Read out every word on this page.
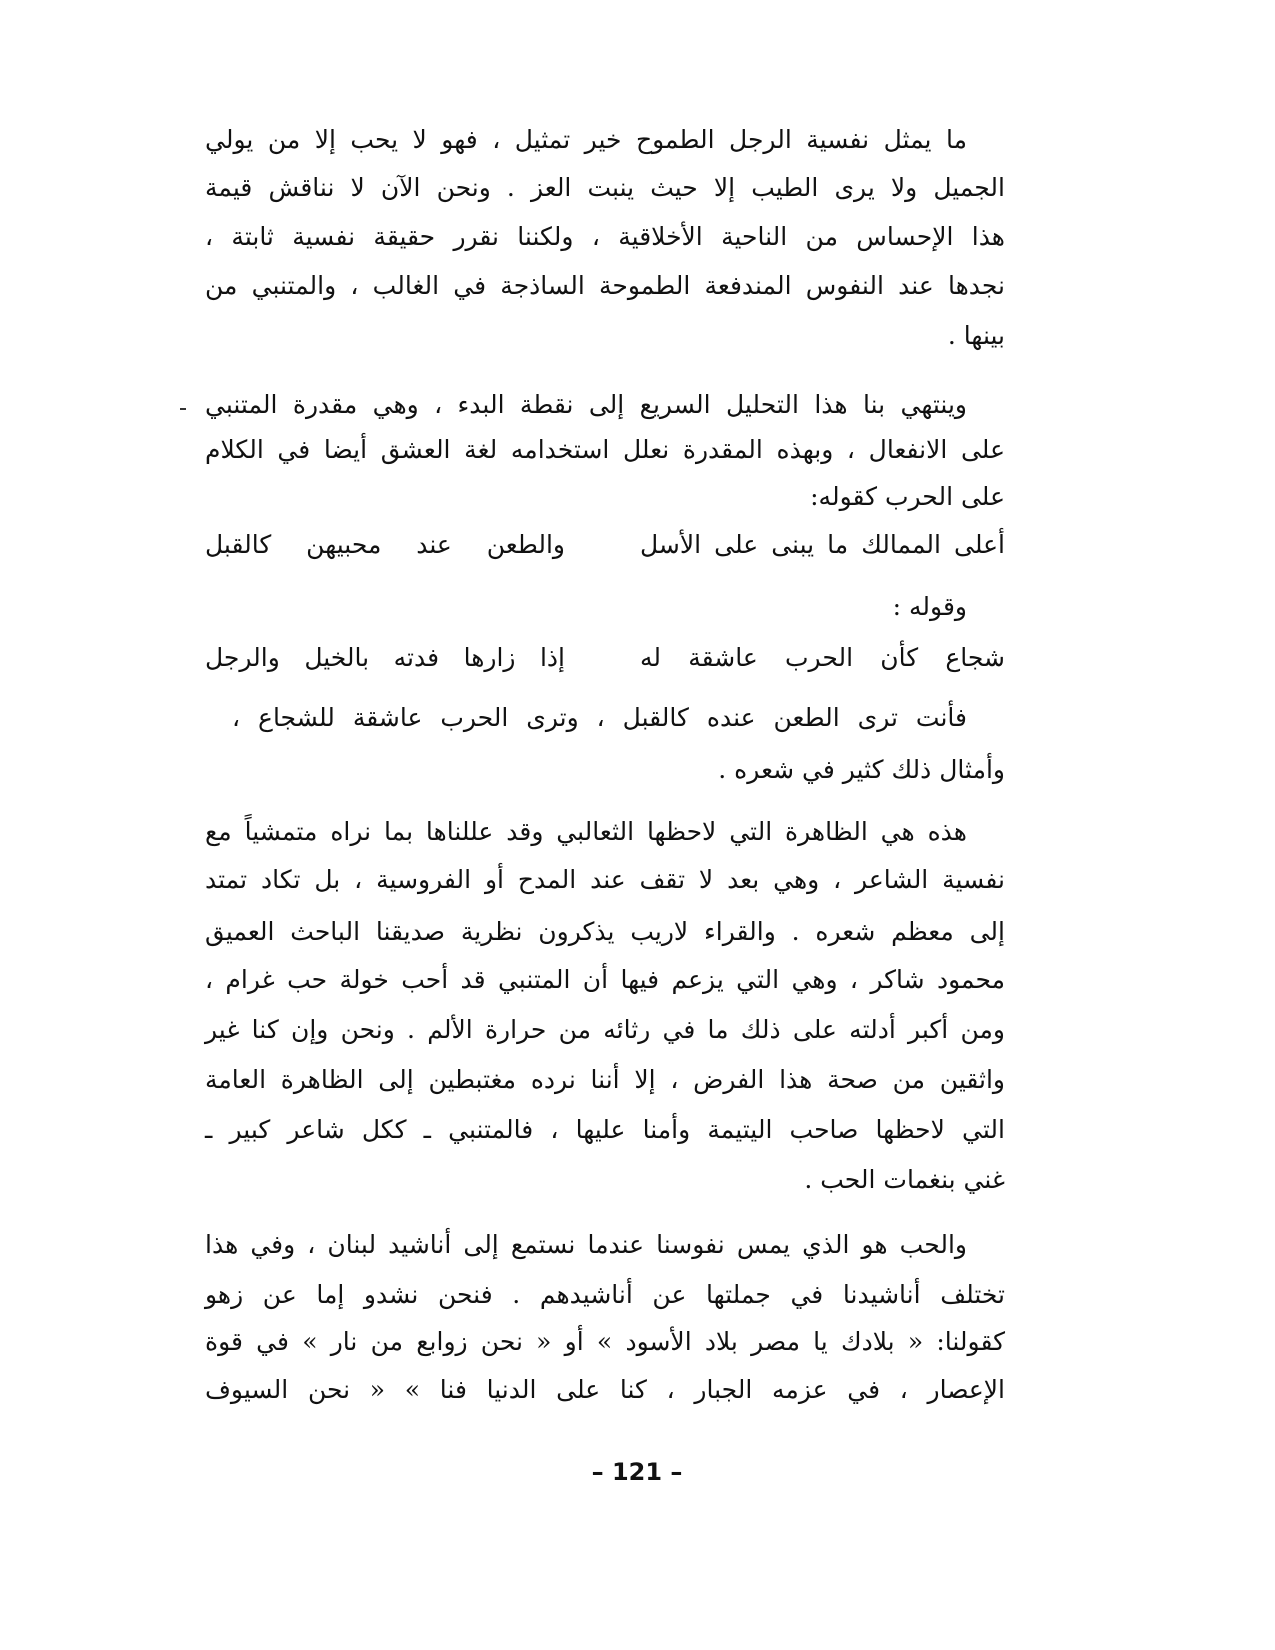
ما يمثل نفسية الرجل الطموح خير تمثيل ، فهو لا يحب إلا من يولي
الجميل ولا يرى الطيب إلا حيث ينبت العز . ونحن الآن لا نناقش قيمة
هذا الإحساس من الناحية الأخلاقية ، ولكننا نقرر حقيقة نفسية ثابتة ،
نجدها عند النفوس المندفعة الطموحة الساذجة في الغالب ، والمتنبي من
بينها .
وينتهي بنا هذا التحليل السريع إلى نقطة البدء ، وهي مقدرة المتنبي
على الانفعال ، وبهذه المقدرة نعلل استخدامه لغة العشق أيضا في الكلام
على الحرب كقوله:
أعلى الممالك ما يبنى على الأسل
والطعن عند محبيهن كالقبل
وقوله :
شجاع كأن الحرب عاشقة له
إذا زارها فدته بالخيل والرجل
فأنت ترى الطعن عنده كالقبل ، وترى الحرب عاشقة للشجاع ،
وأمثال ذلك كثير في شعره .
هذه هي الظاهرة التي لاحظها الثعالبي وقد عللناها بما نراه متمشياً مع
نفسية الشاعر ، وهي بعد لا تقف عند المدح أو الفروسية ، بل تكاد تمتد
إلى معظم شعره . والقراء لاريب يذكرون نظرية صديقنا الباحث العميق
محمود شاكر ، وهي التي يزعم فيها أن المتنبي قد أحب خولة حب غرام ،
ومن أكبر أدلته على ذلك ما في رثائه من حرارة الألم . ونحن وإن كنا غير
واثقين من صحة هذا الفرض ، إلا أننا نرده مغتبطين إلى الظاهرة العامة
التي لاحظها صاحب اليتيمة وأمنا عليها ، فالمتنبي ـ ككل شاعر كبير ـ
غني بنغمات الحب .
والحب هو الذي يمس نفوسنا عندما نستمع إلى أناشيد لبنان ، وفي هذا
تختلف أناشيدنا في جملتها عن أناشيدهم . فنحن نشدو إما عن زهو
كقولنا: « بلادك يا مصر بلاد الأسود » أو « نحن زوابع من نار » في قوة
الإعصار ، في عزمه الجبار ، كنا على الدنيا فنا » « نحن السيوف
– 121 –
